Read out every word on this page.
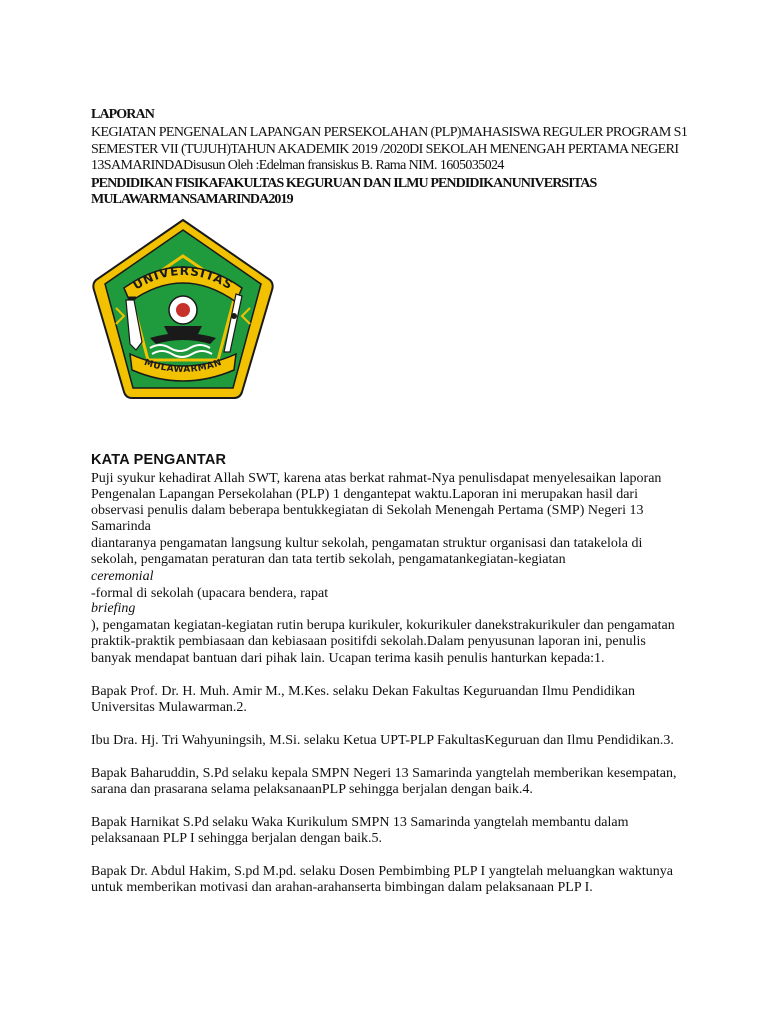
LAPORAN
KEGIATAN PENGENALAN LAPANGAN PERSEKOLAHAN (PLP)MAHASISWA REGULER PROGRAM S1
SEMESTER VII (TUJUH)TAHUN AKADEMIK 2019 /2020DI SEKOLAH MENENGAH PERTAMA NEGERI
13SAMARINDADisusun Oleh :Edelman fransiskus B. Rama NIM. 1605035024
PENDIDIKAN FISIKAFAKULTAS KEGURUAN DAN ILMU PENDIDIKANUNIVERSITAS
MULAWARMANSAMARINDA2019
UNIVERSITAS
MULAWARMAN
KATA PENGANTAR
Puji syukur kehadirat Allah SWT, karena atas berkat rahmat-Nya penulisdapat menyelesaikan laporan
Pengenalan Lapangan Persekolahan (PLP) 1 dengantepat waktu.Laporan ini merupakan hasil dari
observasi penulis dalam beberapa bentukkegiatan di Sekolah Menengah Pertama (SMP) Negeri 13
Samarinda
diantaranya pengamatan langsung kultur sekolah, pengamatan struktur organisasi dan tatakelola di
sekolah, pengamatan peraturan dan tata tertib sekolah, pengamatankegiatan-kegiatan
ceremonial
-formal di sekolah (upacara bendera, rapat
briefing
), pengamatan kegiatan-kegiatan rutin berupa kurikuler, kokurikuler danekstrakurikuler dan pengamatan
praktik-praktik pembiasaan dan kebiasaan positifdi sekolah.Dalam penyusunan laporan ini, penulis
banyak mendapat bantuan dari pihak lain. Ucapan terima kasih penulis hanturkan kepada:1.
Bapak Prof. Dr. H. Muh. Amir M., M.Kes. selaku Dekan Fakultas Keguruandan Ilmu Pendidikan
Universitas Mulawarman.2.
Ibu Dra. Hj. Tri Wahyuningsih, M.Si. selaku Ketua UPT-PLP FakultasKeguruan dan Ilmu Pendidikan.3.
Bapak Baharuddin, S.Pd selaku kepala SMPN Negeri 13 Samarinda yangtelah memberikan kesempatan,
sarana dan prasarana selama pelaksanaanPLP sehingga berjalan dengan baik.4.
Bapak Harnikat S.Pd selaku Waka Kurikulum SMPN 13 Samarinda yangtelah membantu dalam
pelaksanaan PLP I sehingga berjalan dengan baik.5.
Bapak Dr. Abdul Hakim, S.pd M.pd. selaku Dosen Pembimbing PLP I yangtelah meluangkan waktunya
untuk memberikan motivasi dan arahan-arahanserta bimbingan dalam pelaksanaan PLP I.
